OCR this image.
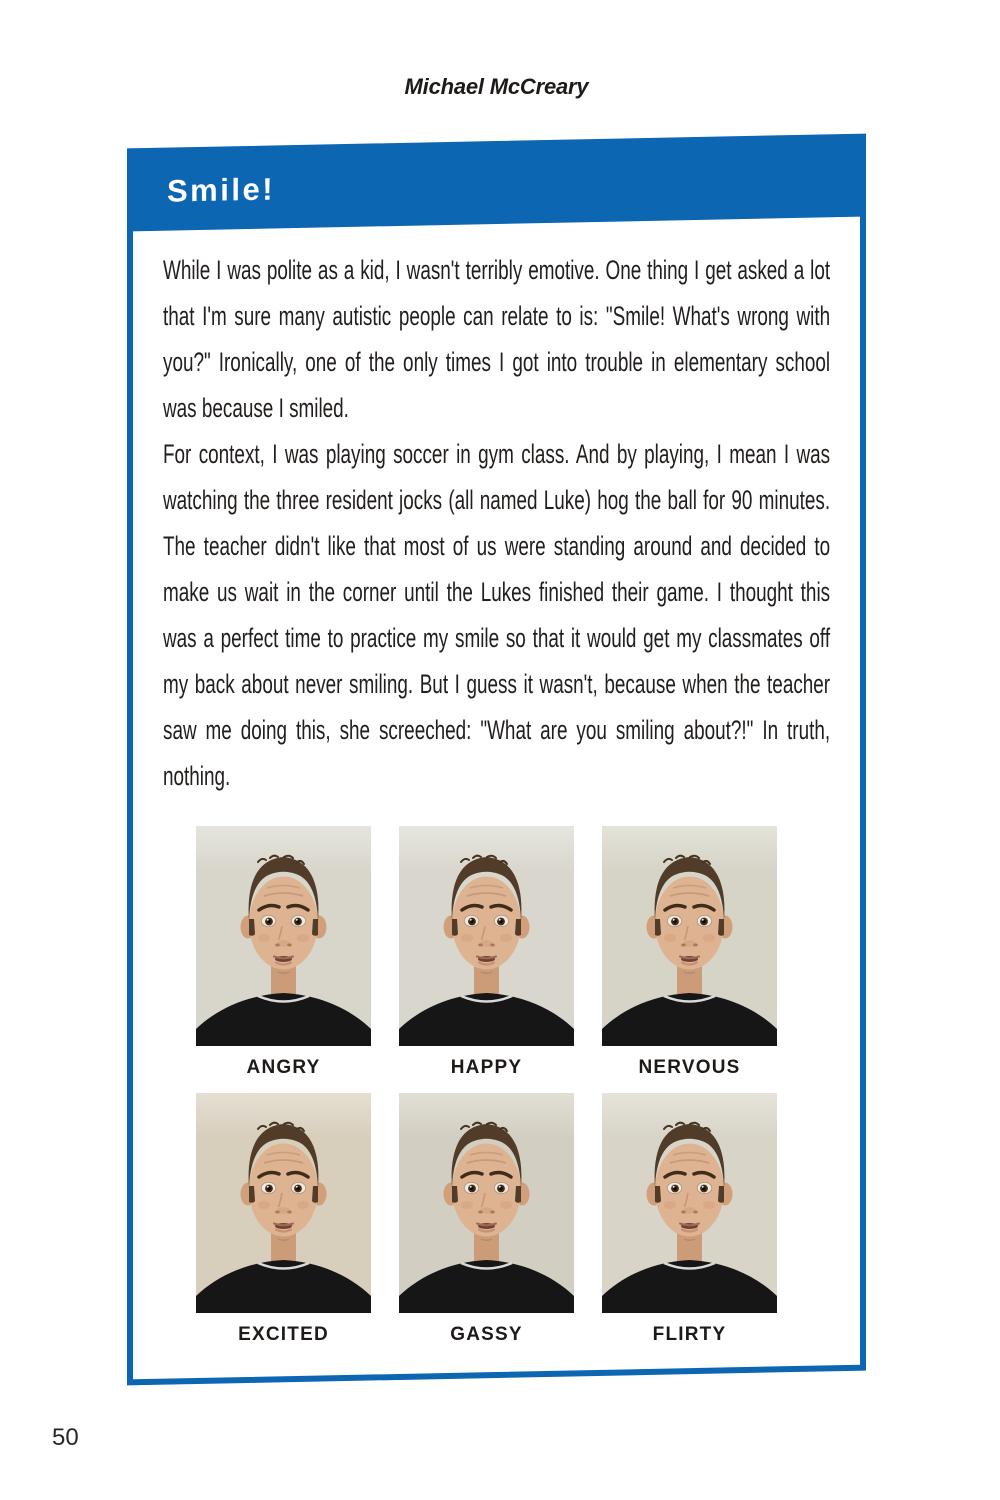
Michael McCreary
Smile!

While I was polite as a kid, I wasn't terribly emotive. One thing I get asked a lot that I'm sure many autistic people can relate to is: "Smile! What's wrong with you?" Ironically, one of the only times I got into trouble in elementary school was because I smiled.

For context, I was playing soccer in gym class. And by playing, I mean I was watching the three resident jocks (all named Luke) hog the ball for 90 minutes. The teacher didn't like that most of us were standing around and decided to make us wait in the corner until the Lukes finished their game. I thought this was a perfect time to practice my smile so that it would get my classmates off my back about never smiling. But I guess it wasn't, because when the teacher saw me doing this, she screeched: "What are you smiling about?!" In truth, nothing.

ANGRY	HAPPY	NERVOUS
EXCITED	GASSY	FLIRTY
50
